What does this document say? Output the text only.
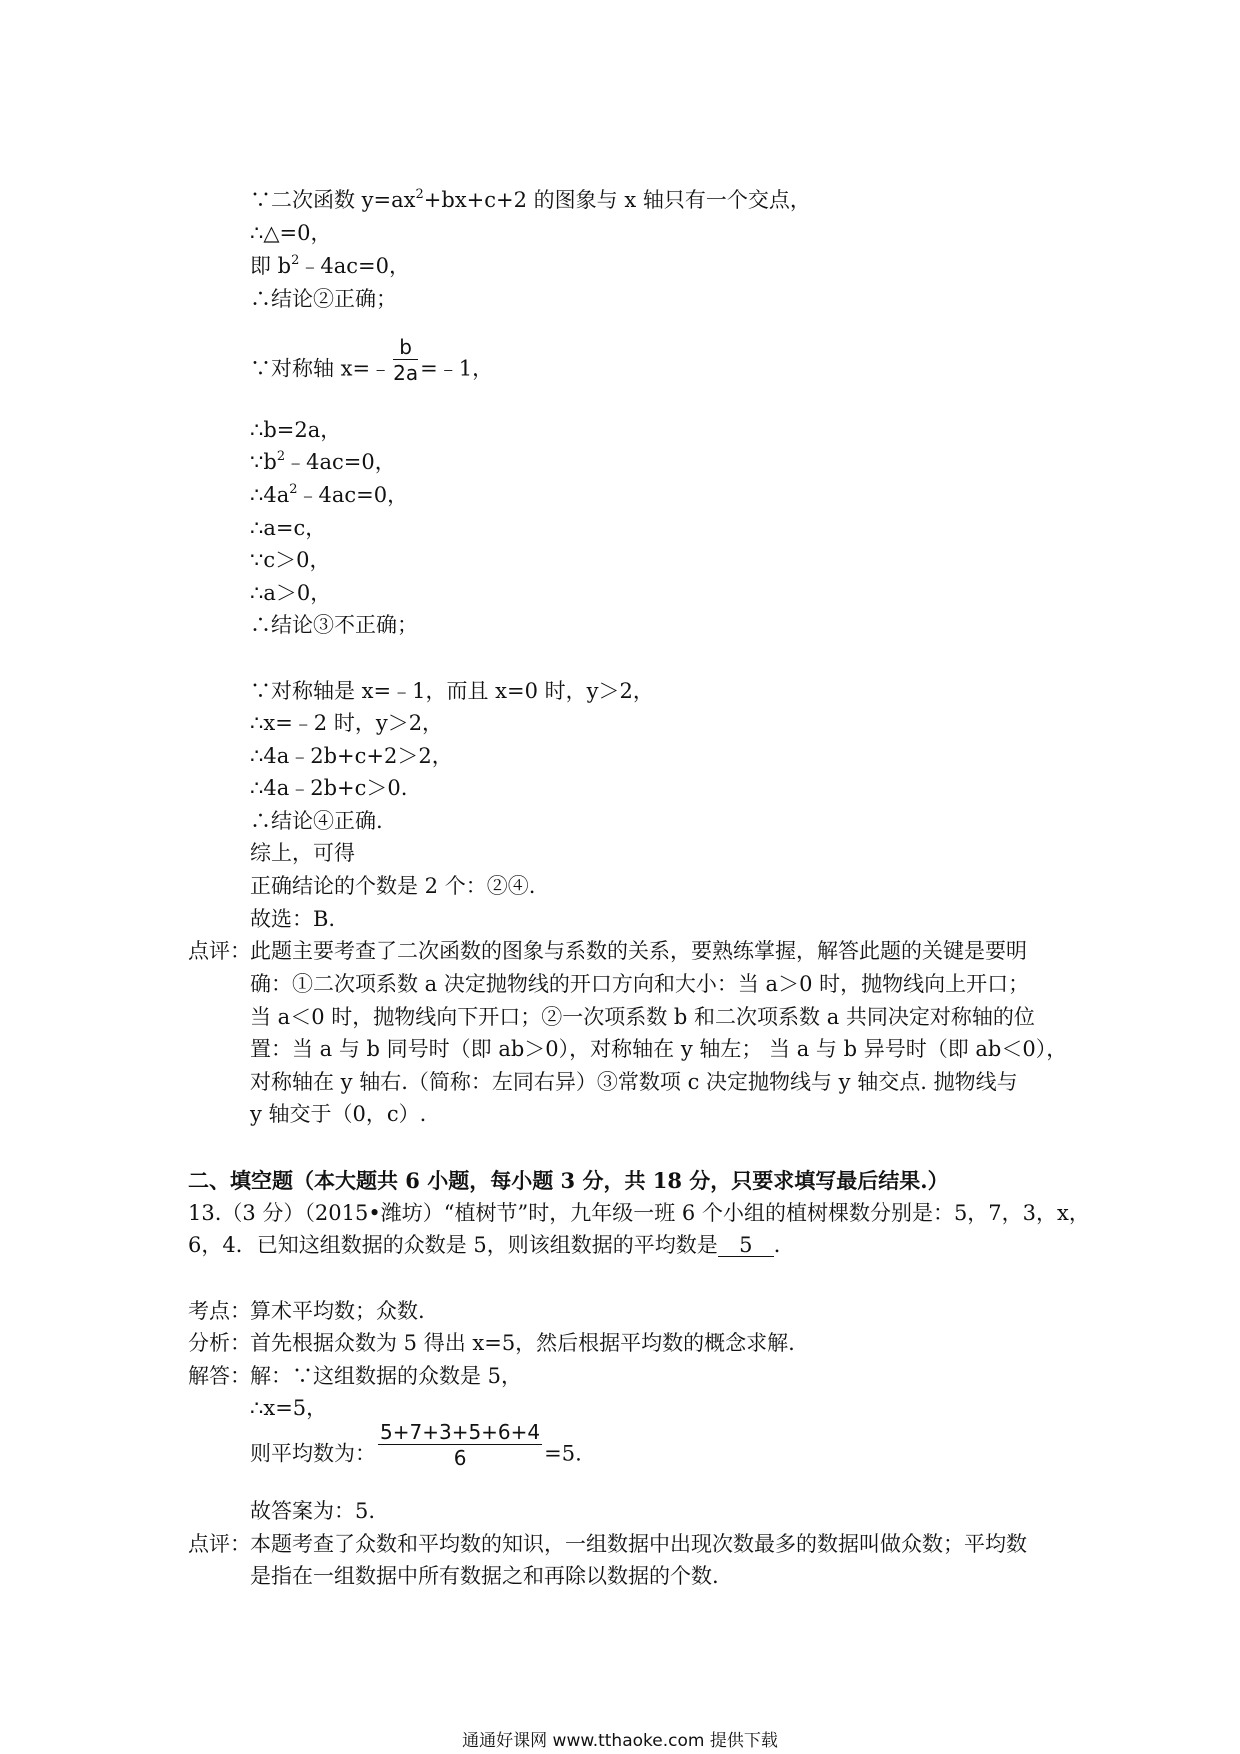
∵二次函数 $y=ax^2+bx+c+2$ 的图象与 x 轴只有一个交点，
∴△=0，
即 $b^2﹣4ac=0$，
∴结论②正确；
∵对称轴 x=﹣ $\frac{b}{2a}$ =﹣1，
∴b=2a，
$\because b^2﹣4ac=0$，
$\therefore 4a^2﹣4ac=0$，
∴a=c，
∵c＞0，
∴a＞0，
∴结论③不正确；
∵对称轴是 x=﹣1，而且 x=0 时，y＞2，
∴x=﹣2 时，y＞2，
∴4a﹣2b+c+2＞2，
∴4a﹣2b+c＞0.
∴结论④正确.
综上，可得
正确结论的个数是 2 个：②④.
故选：B.
点评： 此题主要考查了二次函数的图象与系数的关系，要熟练掌握，解答此题的关键是要明
确：①二次项系数 a 决定抛物线的开口方向和大小：当 a＞0 时，抛物线向上开口；
当 a＜0 时，抛物线向下开口；②一次项系数 b 和二次项系数 a 共同决定对称轴的位
置：当 a 与 b 同号时（即 ab＞0），对称轴在 y 轴左； 当 a 与 b 异号时（即 ab＜0），
对称轴在 y 轴右.（简称：左同右异）③常数项 c 决定抛物线与 y 轴交点. 抛物线与
y 轴交于（0，c）.
二、填空题（本大题共 6 小题，每小题 3 分，共 18 分，只要求填写最后结果.）
13.（3 分）（2015•潍坊）“植树节”时，九年级一班 6 个小组的植树棵数分别是：5，7，3，x，
6，4．已知这组数据的众数是 5，则该组数据的平均数是 5 ．
考点： 算术平均数；众数.
分析： 首先根据众数为 5 得出 x=5，然后根据平均数的概念求解.
解答： 解：∵这组数据的众数是 5，
∴x=5，
则平均数为： $\frac{5+7+3+5+6+4}{6} =5$.
故答案为：5.
点评： 本题考查了众数和平均数的知识，一组数据中出现次数最多的数据叫做众数；平均数
是指在一组数据中所有数据之和再除以数据的个数.
通通好课网 www.tthaoke.com 提供下载
